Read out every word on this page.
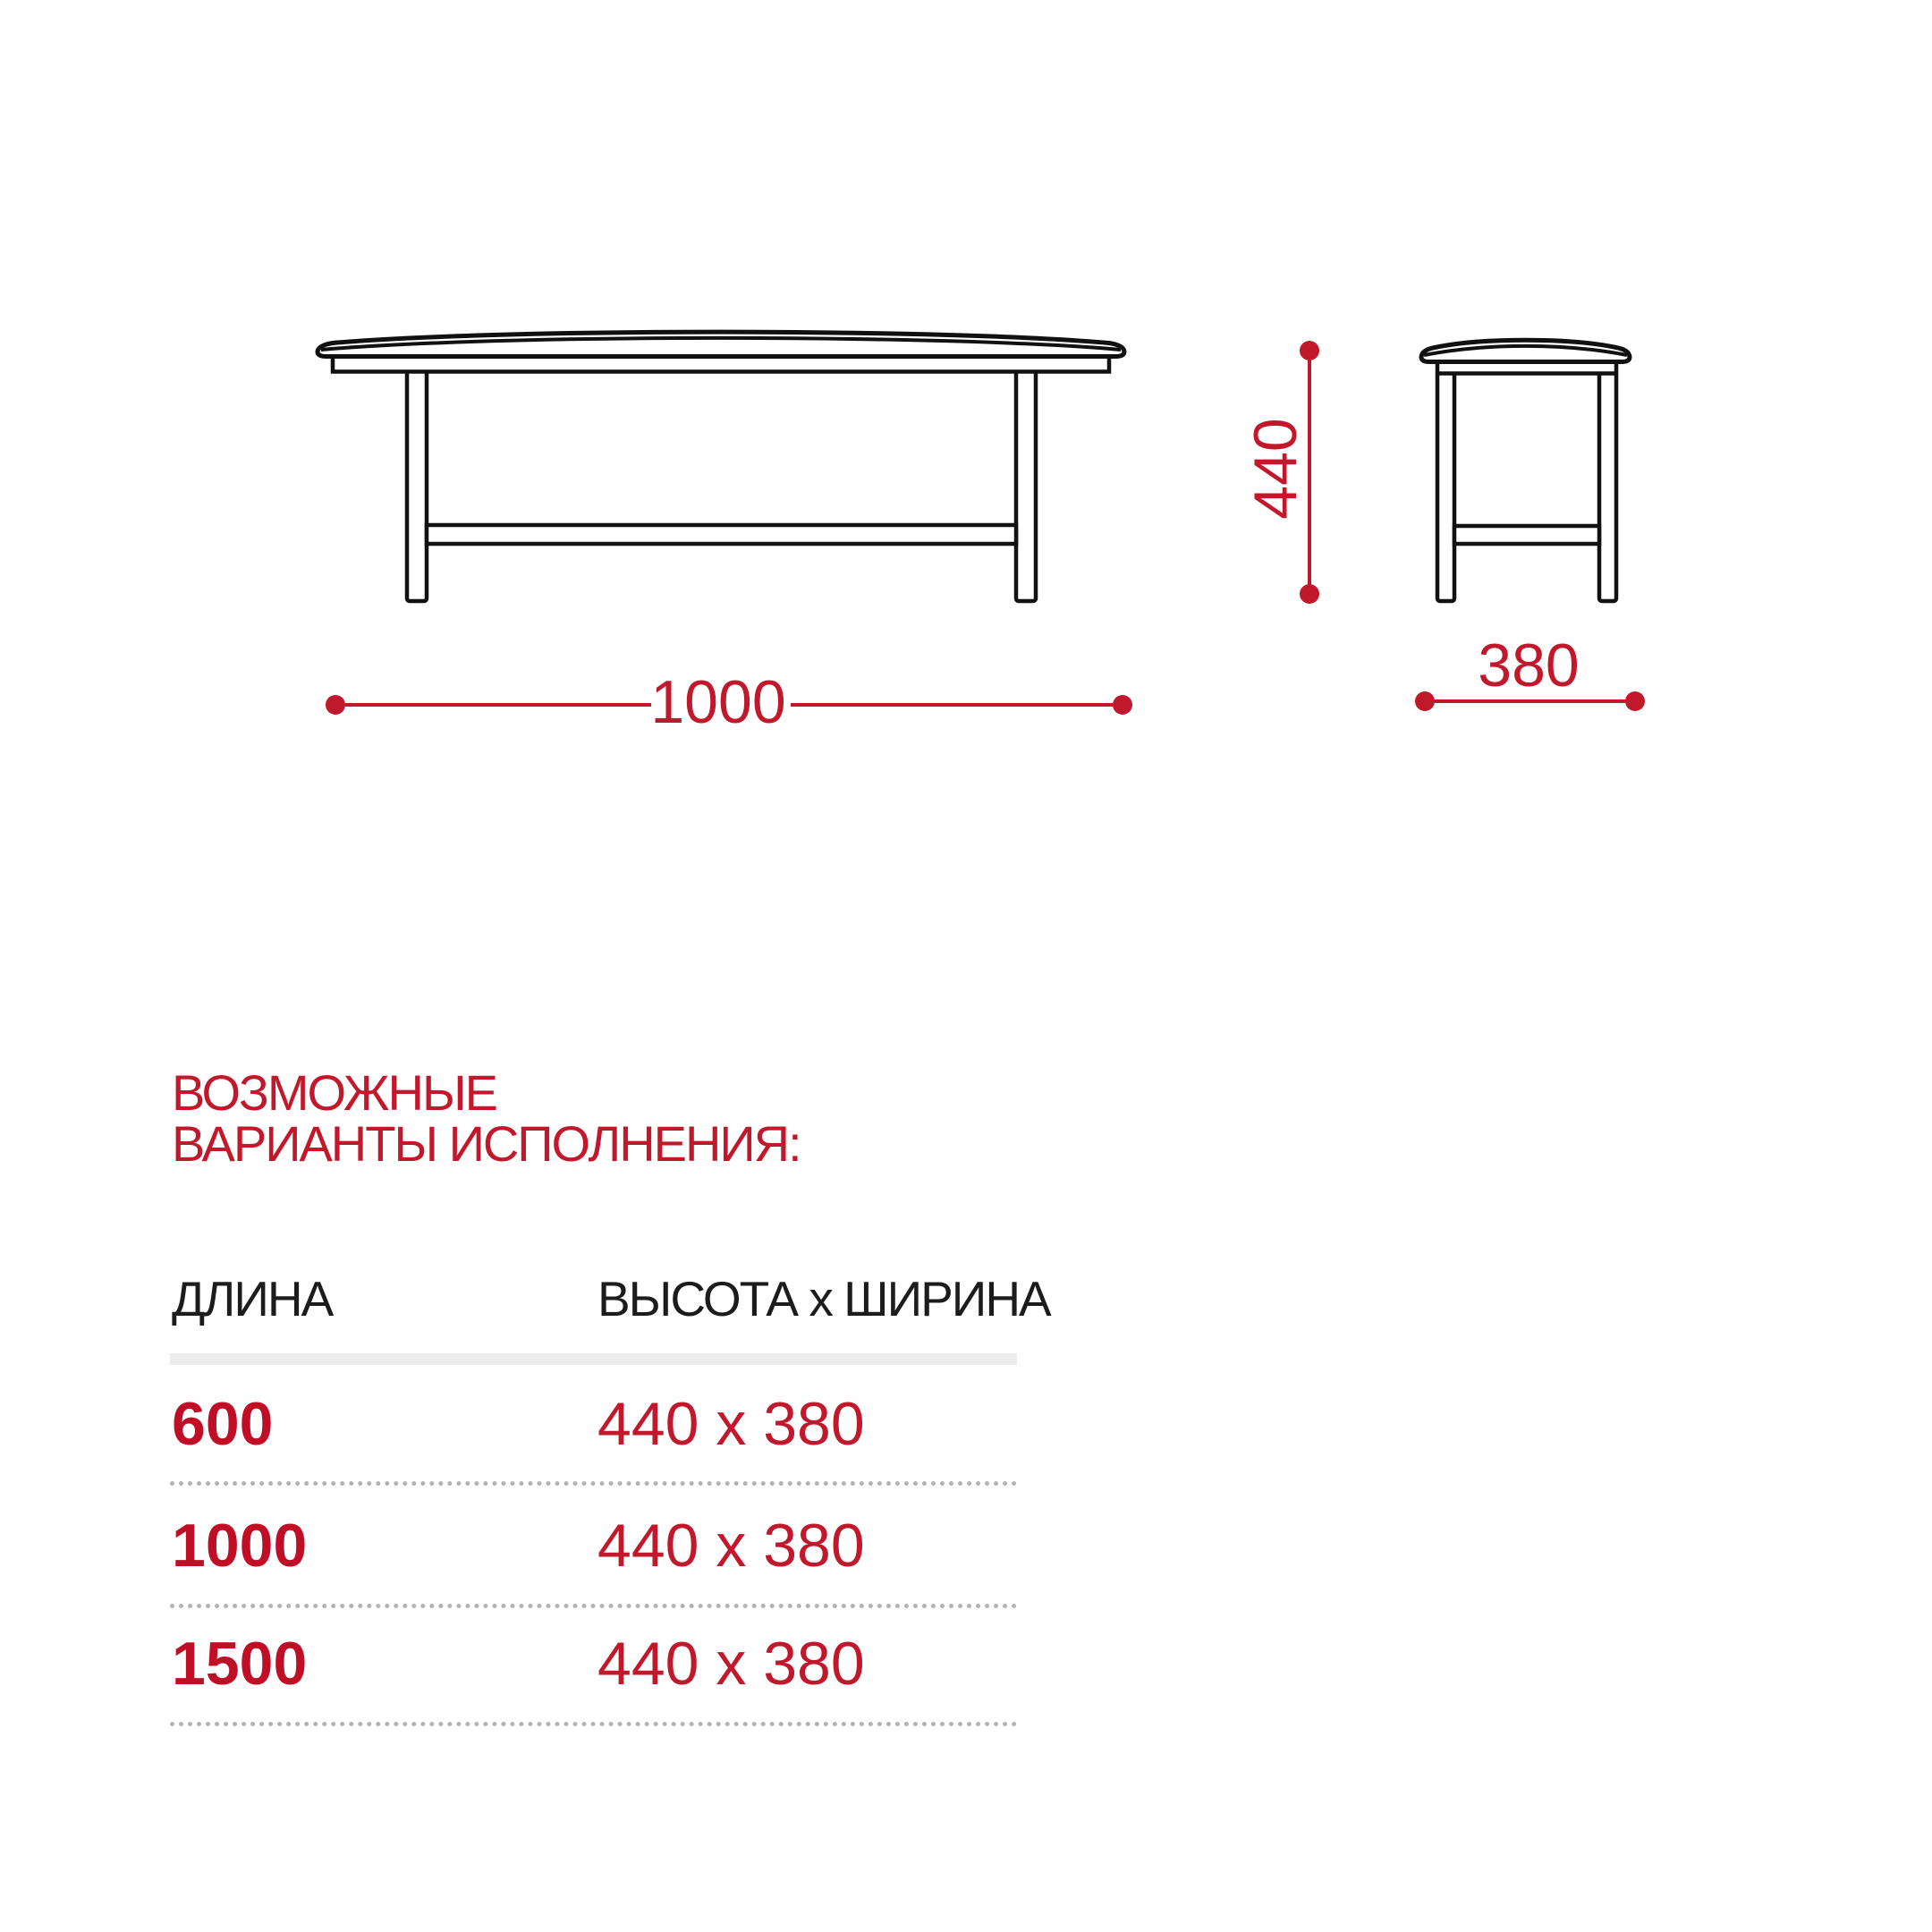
1000
440
380
ВОЗМОЖНЫЕ
ВАРИАНТЫ ИСПОЛНЕНИЯ:
ДЛИНА	ВЫСОТА х ШИРИНА
600	440 x 380
1000	440 x 380
1500	440 x 380
